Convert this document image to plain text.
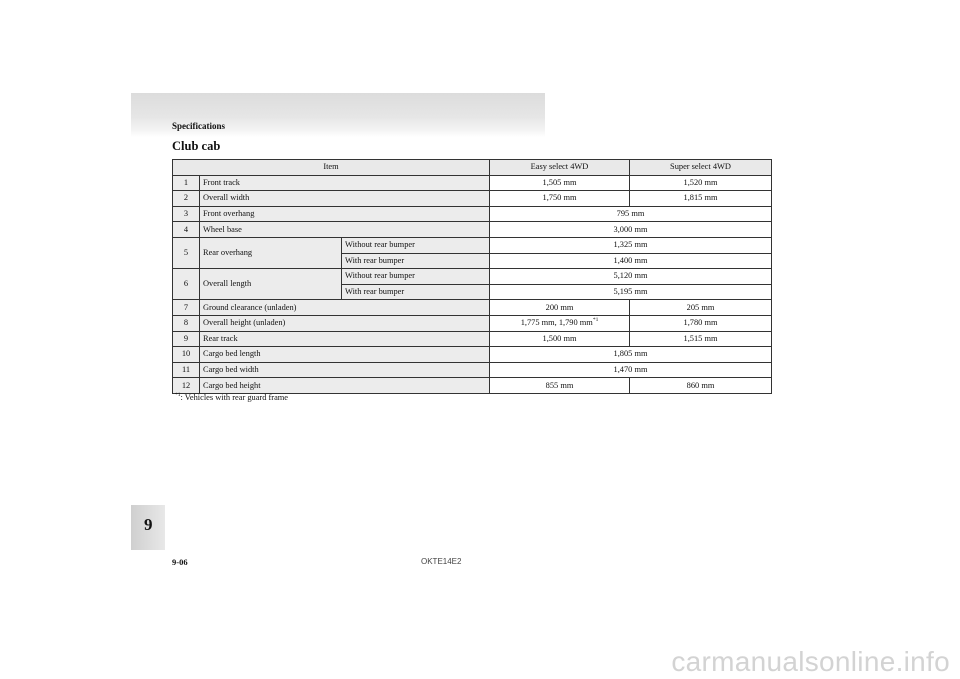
Specifications
Club cab
Item			Easy select 4WD	Super select 4WD
1	Front track		1,505 mm	1,520 mm
2	Overall width		1,750 mm	1,815 mm
3	Front overhang		795 mm	
4	Wheel base		3,000 mm	
5	Rear overhang	Without rear bumper	1,325 mm	
		With rear bumper	1,400 mm	
6	Overall length	Without rear bumper	5,120 mm	
		With rear bumper	5,195 mm	
7	Ground clearance (unladen)		200 mm	205 mm
8	Overall height (unladen)		1,775 mm, 1,790 $mm^{*1}$	1,780 mm
9	Rear track		1,500 mm	1,515 mm
10	Cargo bed length		1,805 mm	
11	Cargo bed width		1,470 mm	
12	Cargo bed height		855 mm	860 mm
$^{*1}$: Vehicles with rear guard frame
9
9-06	OKTE14E2
carmanualsonline.info
